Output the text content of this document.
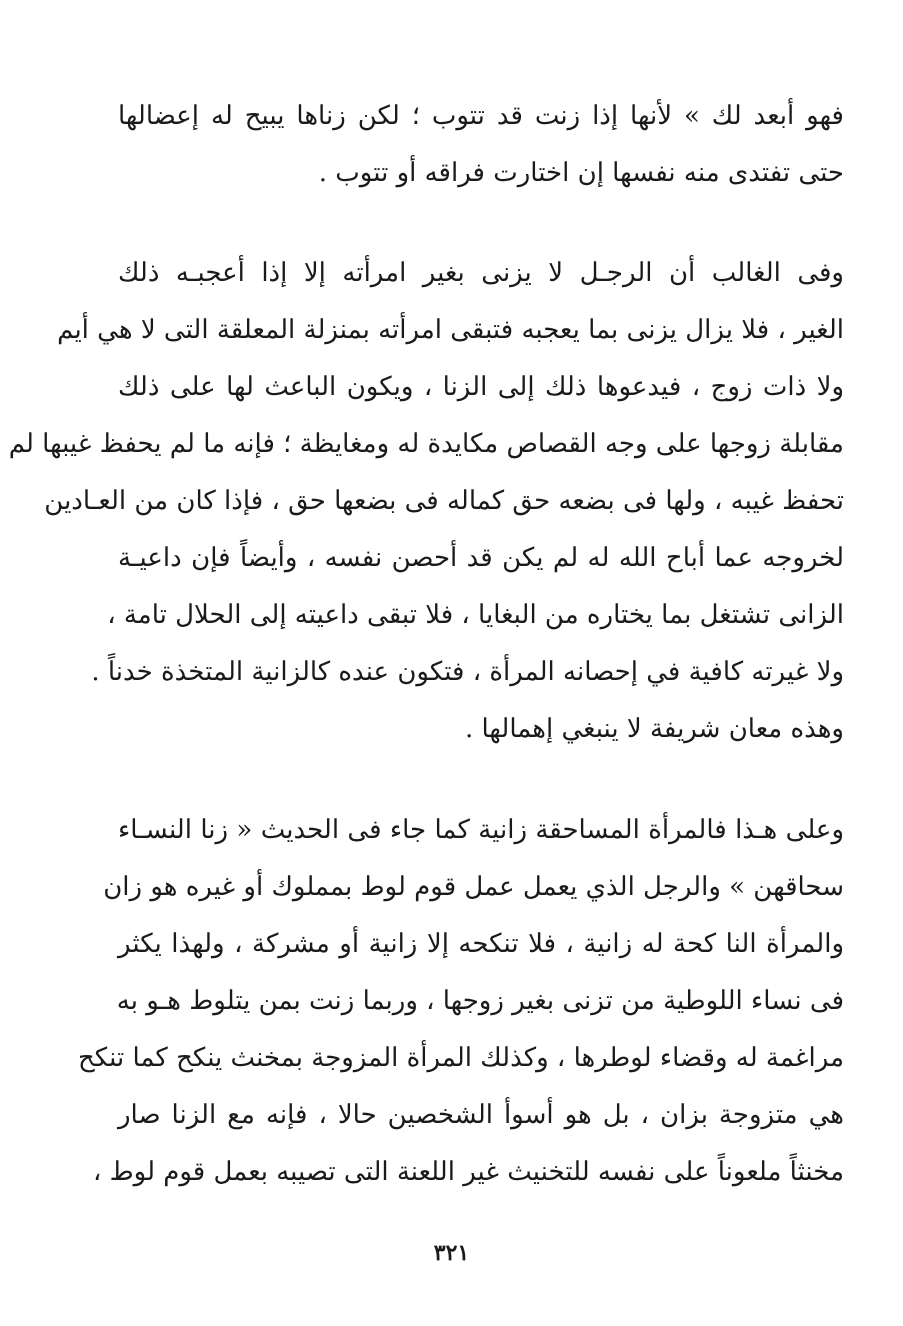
فهو أبعد لك » لأنها إذا زنت قد تتوب ؛ لكن زناها يبيح له إعضالها
حتى تفتدى منه نفسها إن اختارت فراقه أو تتوب .
وفى الغالب أن الرجـل لا يزنى بغير امرأته إلا إذا أعجبـه ذلك
الغير ، فلا يزال يزنى بما يعجبه فتبقى امرأته بمنزلة المعلقة التى لا هي أيم
ولا ذات زوج ، فيدعوها ذلك إلى الزنا ، ويكون الباعث لها على ذلك
مقابلة زوجها على وجه القصاص مكايدة له ومغايظة ؛ فإنه ما لم يحفظ غيبها لم
تحفظ غيبه ، ولها فى بضعه حق كماله فى بضعها حق ، فإذا كان من العـادين
لخروجه عما أباح الله له لم يكن قد أحصن نفسه ، وأيضاً فإن داعيـة
الزانى تشتغل بما يختاره من البغايا ، فلا تبقى داعيته إلى الحلال تامة ،
ولا غيرته كافية في إحصانه المرأة ، فتكون عنده كالزانية المتخذة خدناً .
وهذه معان شريفة لا ينبغي إهمالها .
وعلى هـذا فالمرأة المساحقة زانية كما جاء فى الحديث « زنا النسـاء
سحاقهن » والرجل الذي يعمل عمل قوم لوط بمملوك أو غيره هو زان
والمرأة النا كحة له زانية ، فلا تنكحه إلا زانية أو مشركة ، ولهذا يكثر
فى نساء اللوطية من تزنى بغير زوجها ، وربما زنت بمن يتلوط هـو به
مراغمة له وقضاء لوطرها ، وكذلك المرأة المزوجة بمخنث ينكح كما تنكح
هي متزوجة بزان ، بل هو أسوأ الشخصين حالا ، فإنه مع الزنا صار
مخنثاً ملعوناً على نفسه للتخنيث غير اللعنة التى تصيبه بعمل قوم لوط ،
٣٢١
